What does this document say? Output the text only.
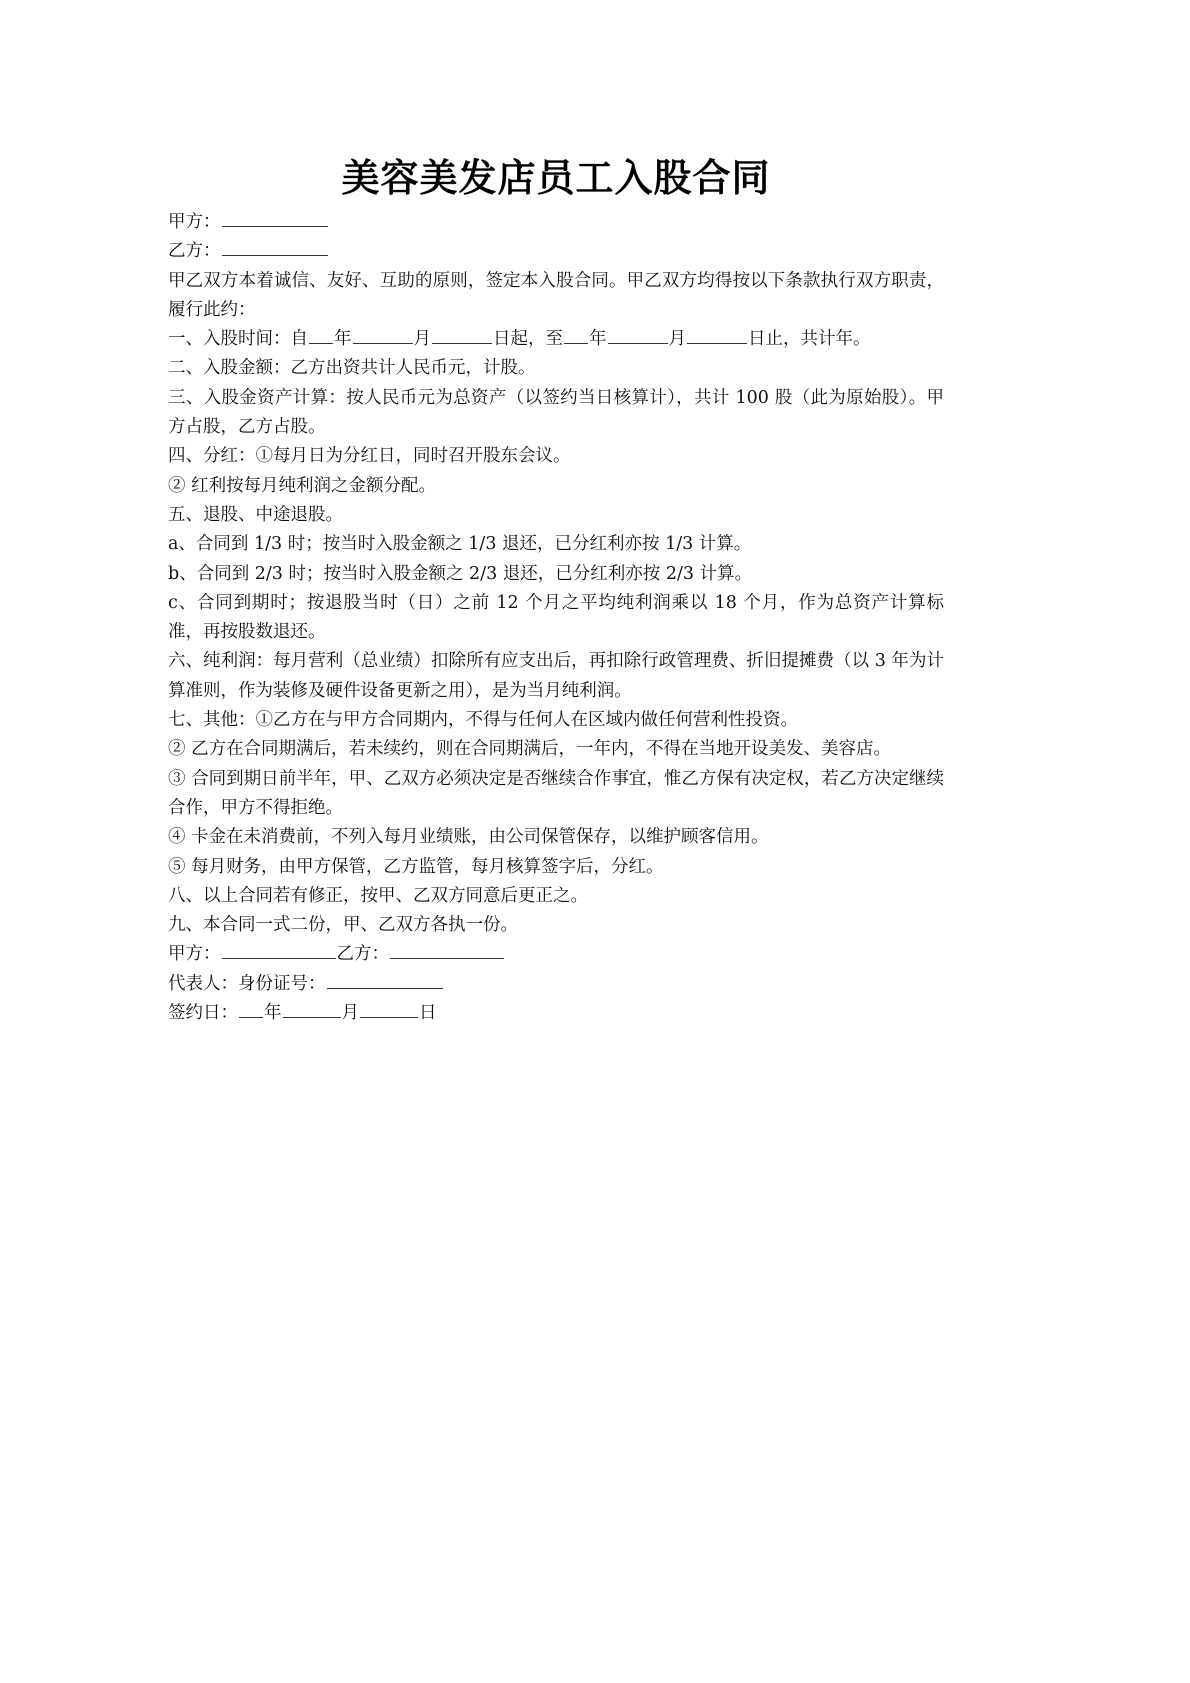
美容美发店员工入股合同
甲方：
乙方：
甲乙双方本着诚信、友好、互助的原则，签定本入股合同。甲乙双方均得按以下条款执行双方职责，履行此约：
一、入股时间：自 年	月	日起，至 年	月	日止，共计年。
二、入股金额：乙方出资共计人民币元，计股。
三、入股金资产计算：按人民币元为总资产（以签约当日核算计），共计 100 股（此为原始股）。甲方占股，乙方占股。
四、分红：①每月日为分红日，同时召开股东会议。
② 红利按每月纯利润之金额分配。
五、退股、中途退股。
a、合同到 1/3 时；按当时入股金额之 1/3 退还，已分红利亦按 1/3 计算。
b、合同到 2/3 时；按当时入股金额之 2/3 退还，已分红利亦按 2/3 计算。
c、合同到期时；按退股当时（日）之前 12 个月之平均纯利润乘以 18 个月，作为总资产计算标准，再按股数退还。
六、纯利润：每月营利（总业绩）扣除所有应支出后，再扣除行政管理费、折旧提摊费（以 3 年为计算准则，作为装修及硬件设备更新之用），是为当月纯利润。
七、其他：①乙方在与甲方合同期内，不得与任何人在区域内做任何营利性投资。
② 乙方在合同期满后，若未续约，则在合同期满后，一年内，不得在当地开设美发、美容店。
③ 合同到期日前半年，甲、乙双方必须决定是否继续合作事宜，惟乙方保有决定权，若乙方决定继续合作，甲方不得拒绝。
④ 卡金在未消费前，不列入每月业绩账，由公司保管保存，以维护顾客信用。
⑤ 每月财务，由甲方保管，乙方监管，每月核算签字后，分红。
八、以上合同若有修正，按甲、乙双方同意后更正之。
九、本合同一式二份，甲、乙双方各执一份。
甲方：	乙方：
代表人：身份证号：
签约日： 年	月	日
